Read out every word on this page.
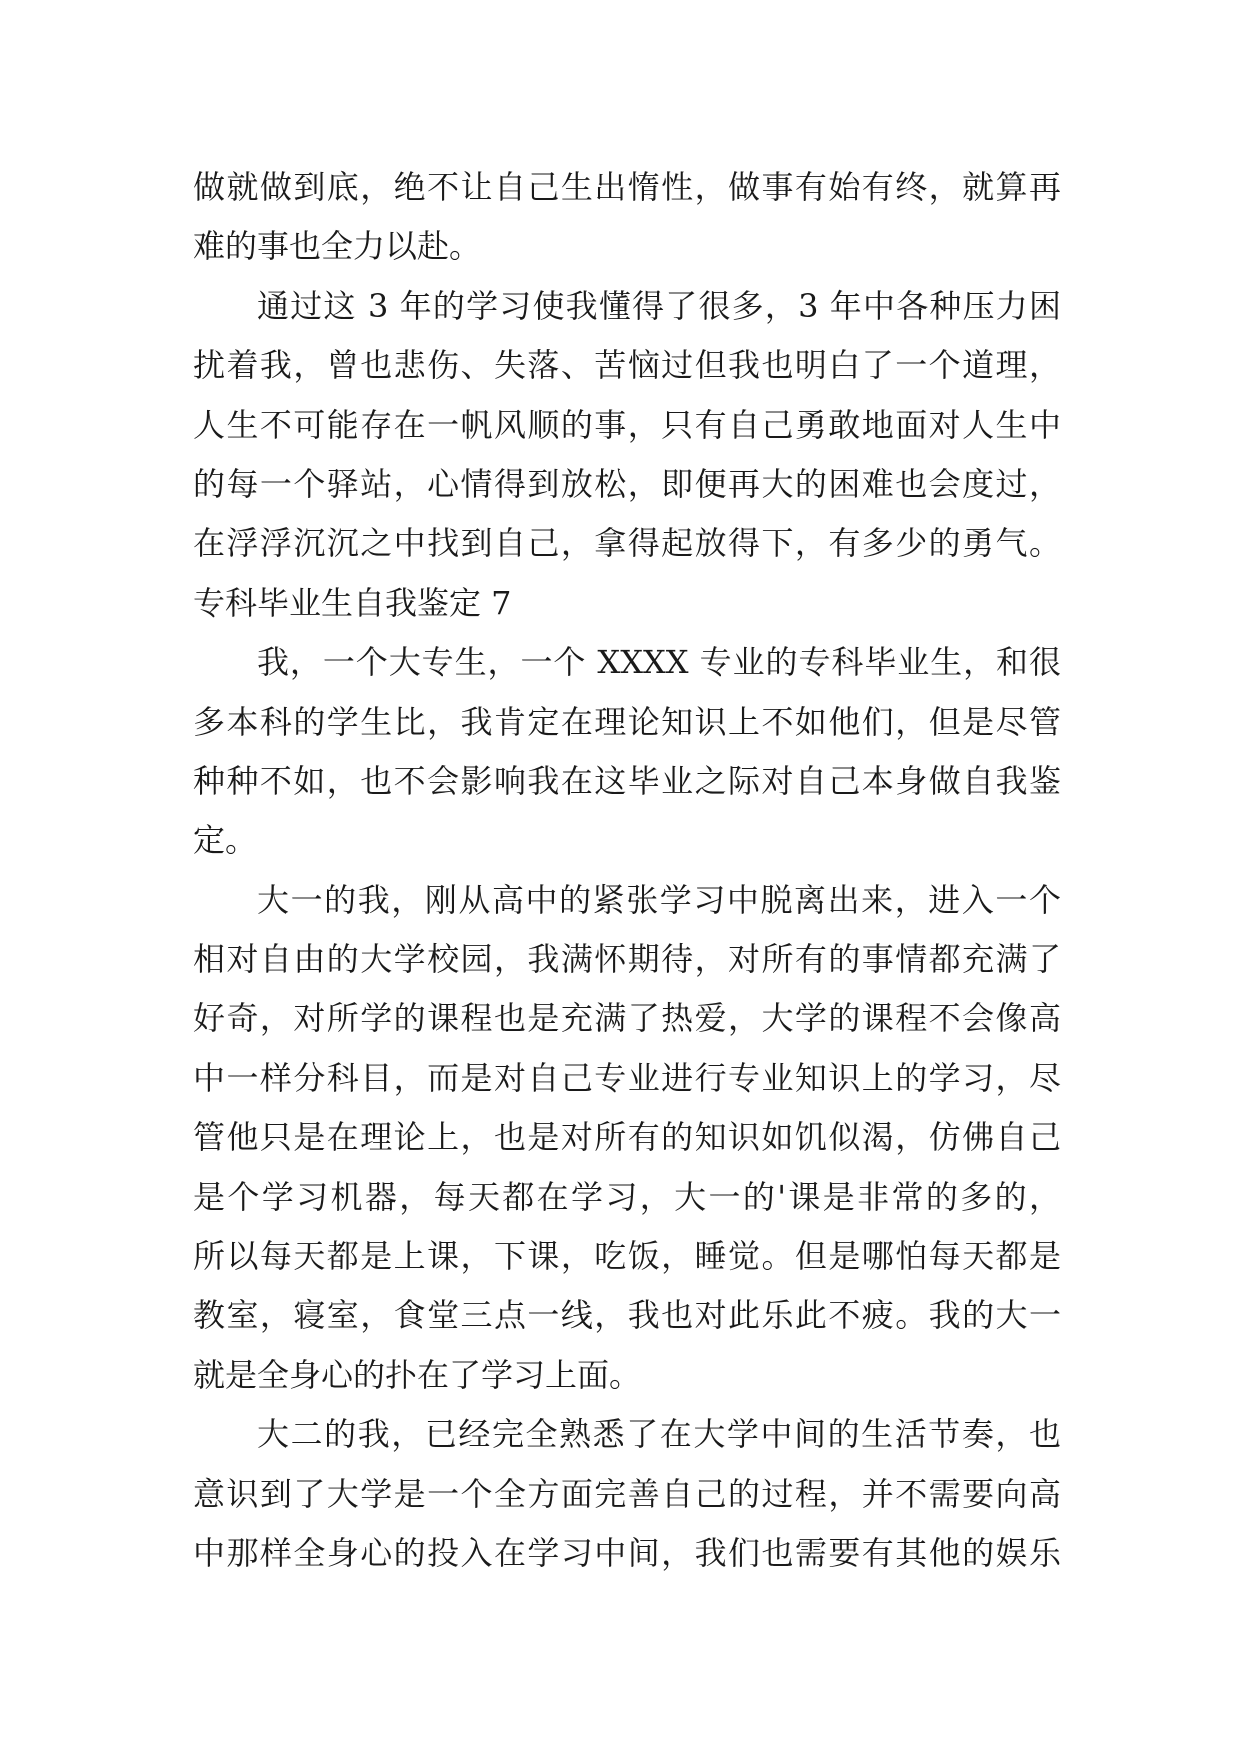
做就做到底，绝不让自己生出惰性，做事有始有终，就算再
难的事也全力以赴。
通过这 3 年的学习使我懂得了很多，3 年中各种压力困
扰着我，曾也悲伤、失落、苦恼过但我也明白了一个道理，
人生不可能存在一帆风顺的事，只有自己勇敢地面对人生中
的每一个驿站，心情得到放松，即便再大的困难也会度过，
在浮浮沉沉之中找到自己，拿得起放得下，有多少的勇气。
专科毕业生自我鉴定 7
我，一个大专生，一个 XXXX 专业的专科毕业生，和很
多本科的学生比，我肯定在理论知识上不如他们，但是尽管
种种不如，也不会影响我在这毕业之际对自己本身做自我鉴
定。
大一的我，刚从高中的紧张学习中脱离出来，进入一个
相对自由的大学校园，我满怀期待，对所有的事情都充满了
好奇，对所学的课程也是充满了热爱，大学的课程不会像高
中一样分科目，而是对自己专业进行专业知识上的学习，尽
管他只是在理论上，也是对所有的知识如饥似渴，仿佛自己
是个学习机器，每天都在学习，大一的'课是非常的多的，
所以每天都是上课，下课，吃饭，睡觉。但是哪怕每天都是
教室，寝室，食堂三点一线，我也对此乐此不疲。我的大一
就是全身心的扑在了学习上面。
大二的我，已经完全熟悉了在大学中间的生活节奏，也
意识到了大学是一个全方面完善自己的过程，并不需要向高
中那样全身心的投入在学习中间，我们也需要有其他的娱乐
